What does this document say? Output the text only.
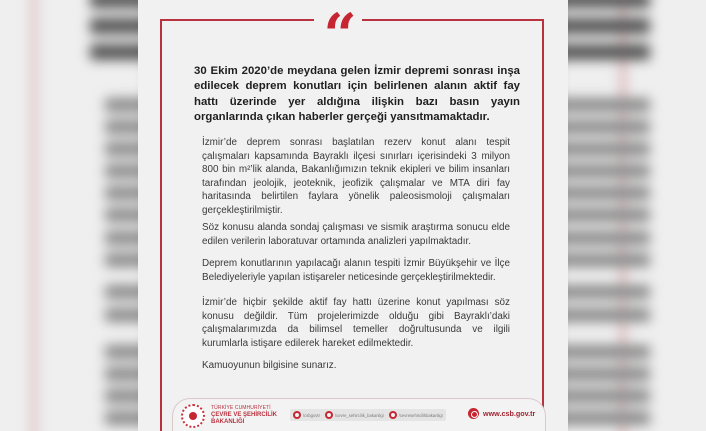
“

30 Ekim 2020’de meydana gelen İzmir depremi sonrası inşa edilecek deprem konutları için belirlenen alanın aktif fay hattı üzerinde yer aldığına ilişkin bazı basın yayın organlarında çıkan haberler gerçeği yansıtmamaktadır.

İzmir’de deprem sonrası başlatılan rezerv konut alanı tespit çalışmaları kapsamında Bayraklı ilçesi sınırları içerisindeki 3 milyon 800 bin m²’lik alanda, Bakanlığımızın teknik ekipleri ve bilim insanları tarafından jeolojik, jeoteknik, jeofizik çalışmalar ve MTA diri fay haritasında belirtilen faylara yönelik paleosismoloji çalışmaları gerçekleştirilmiştir.

Söz konusu alanda sondaj çalışması ve sismik araştırma sonucu elde edilen verilerin laboratuvar ortamında analizleri yapılmaktadır.

Deprem konutlarının yapılacağı alanın tespiti İzmir Büyükşehir ve İlçe Belediyeleriyle yapılan istişareler neticesinde gerçekleştirilmektedir.

İzmir’de hiçbir şekilde aktif fay hattı üzerine konut yapılması söz konusu değildir. Tüm projelerimizde olduğu gibi Bayraklı’daki çalışmalarımızda da bilimsel temeller doğrultusunda ve ilgili kurumlarla istişare edilerek hareket edilmektedir.

Kamuoyunun bilgisine sunarız.

TÜRKİYE CUMHURİYETİ
ÇEVRE VE ŞEHİRCİLİK
BAKANLIĞI
/csbgovtr	/cevre_sehircilik_bakanligi	/cevresehircilikbakanligi	www.csb.gov.tr
